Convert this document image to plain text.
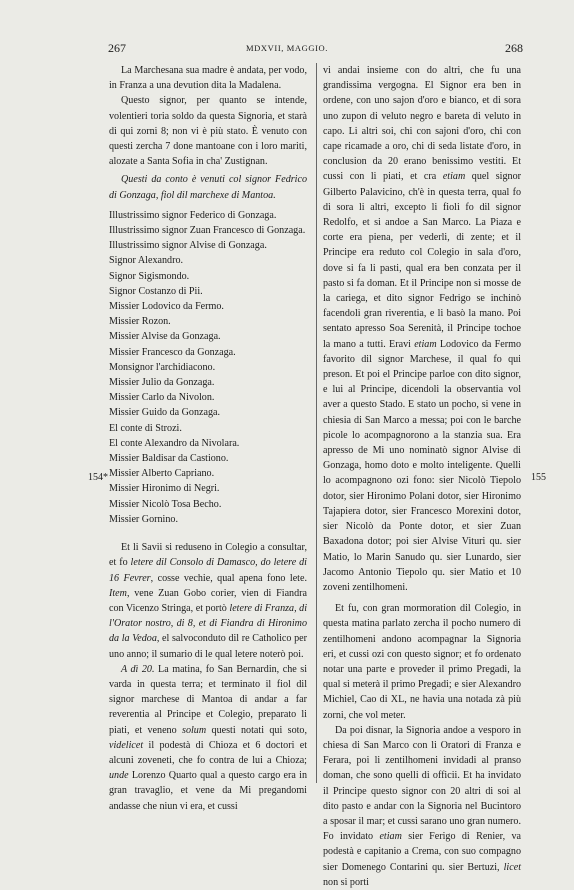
267	MDXVII, MAGGIO.	268
154*	155

La Marchesana sua madre è andata, per vodo, in Franza a una devution dita la Madalena.

Questo signor, per quanto se intende, volentieri toria soldo da questa Signoria, et starà di qui zorni 8; non vi è più stato. È venuto con questi zercha 7 done mantoane con i loro mariti, alozate a Santa Sofia in cha' Zustignan.

Questi da conto è venuti col signor Fedrico di Gonzaga, fiol dil marchexe di Mantoa.

Illustrissimo signor Federico di Gonzaga.
Illustrissimo signor Zuan Francesco di Gonzaga.
Illustrissimo signor Alvise di Gonzaga.
Signor Alexandro.
Signor Sigismondo.
Signor Costanzo di Pii.
Missier Lodovico da Fermo.
Missier Rozon.
Missier Alvise da Gonzaga.
Missier Francesco da Gonzaga.
Monsignor l'archidiacono.
Missier Julio da Gonzaga.
Missier Carlo da Nivolon.
Missier Guido da Gonzaga.
El conte di Strozi.
El conte Alexandro da Nivolara.
Missier Baldisar da Castiono.
Missier Alberto Capriano.
Missier Hironimo di Negri.
Missier Nicolò Tosa Becho.
Missier Gornino.

Et li Savii si reduseno in Colegio a consultar, et fo letere dil Consolo di Damasco, do letere di 16 Fevrer, cosse vechie, qual apena fono lete. Item, vene Zuan Gobo corier, vien di Fiandra con Vicenzo Stringa, et portò letere di Franza, di l'Orator nostro, di 8, et di Fiandra di Hironimo da la Vedoa, el salvoconduto dil re Catholico per uno anno; il sumario di le qual letere noterò poi.

A dì 20. La matina, fo San Bernardin, che si varda in questa terra; et terminato il fiol dil signor marchese di Mantoa di andar a far reverentia al Principe et Colegio, preparato li piati, et veneno solum questi notati qui soto, videlicet il podestà di Chioza et 6 doctori et alcuni zoveneti, che fo contra de lui a Chioza; unde Lorenzo Quarto qual a questo cargo era in gran travaglio, et vene da Mi pregandomi andasse che niun vi era, et cussi

vi andai insieme con do altri, che fu una grandissima vergogna. El Signor era ben in ordene, con uno sajon d'oro e bianco, et di sora uno zupon di veluto negro e bareta di veluto in capo. Li altri soi, chi con sajoni d'oro, chi con cape ricamade a oro, chi di seda listate d'oro, in conclusion da 20 erano benissimo vestiti. Et cussi con li piati, et cra etiam quel signor Gilberto Palavicino, ch'è in questa terra, qual fo di sora li altri, excepto li fioli fo dil signor Redolfo, et si andoe a San Marco. La Piaza e corte era piena, per vederli, di zente; et il Principe era reduto col Colegio in sala d'oro, dove si fa li pasti, qual era ben conzata per il pasto si fa doman. Et il Principe non si mosse de la cariega, et dito signor Fedrigo se inchinò facendoli gran riverentia, e li basò la mano. Poi sentato apresso Soa Serenità, il Principe tochoe la mano a tutti. Eravi etiam Lodovico da Fermo favorito dil signor Marchese, il qual fo qui preson. Et poi el Principe parloe con dito signor, e lui al Principe, dicendoli la observantia vol aver a questo Stado. E stato un pocho, si vene in chiesia di San Marco a messa; poi con le barche picole lo acompagnorono a la stanzia sua. Era apresso de Mi uno nominatò signor Alvise di Gonzaga, homo doto e molto inteligente. Quelli lo acompagnono ozi fono: sier Nicolò Tiepolo dotor, sier Hironimo Polani dotor, sier Hironimo Tajapiera dotor, sier Francesco Morexini dotor, sier Nicolò da Ponte dotor, et sier Zuan Baxadona dotor; poi sier Alvise Vituri qu. sier Matio, lo Marin Sanudo qu. sier Lunardo, sier Jacomo Antonio Tiepolo qu. sier Matio et 10 zoveni zentilhomeni.

Et fu, con gran mormoration dil Colegio, in questa matina parlato zercha il pocho numero di zentilhomeni andono acompagnar la Signoria eri, et cussi ozi con questo signor; et fo ordenato notar una parte e proveder il primo Pregadi, la qual si meterà il primo Pregadi; e sier Alexandro Michiel, Cao di XL, ne havia una notada zà più zorni, che vol meter.

Da poi disnar, la Signoria andoe a vesporo in chiesa di San Marco con li Oratori di Franza e Ferara, poi li zentilhomeni invidadi al pranso doman, che sono quelli di officii. Et ha invidato il Principe questo signor con 20 altri di soi al dito pasto e andar con la Signoria nel Bucintoro a sposar il mar; et cussi sarano uno gran numero. Fo invidato etiam sier Ferigo di Renier, va podestà e capitanio a Crema, con suo compagno sier Domenego Contarini qu. sier Bertuzi, licet non si porti
